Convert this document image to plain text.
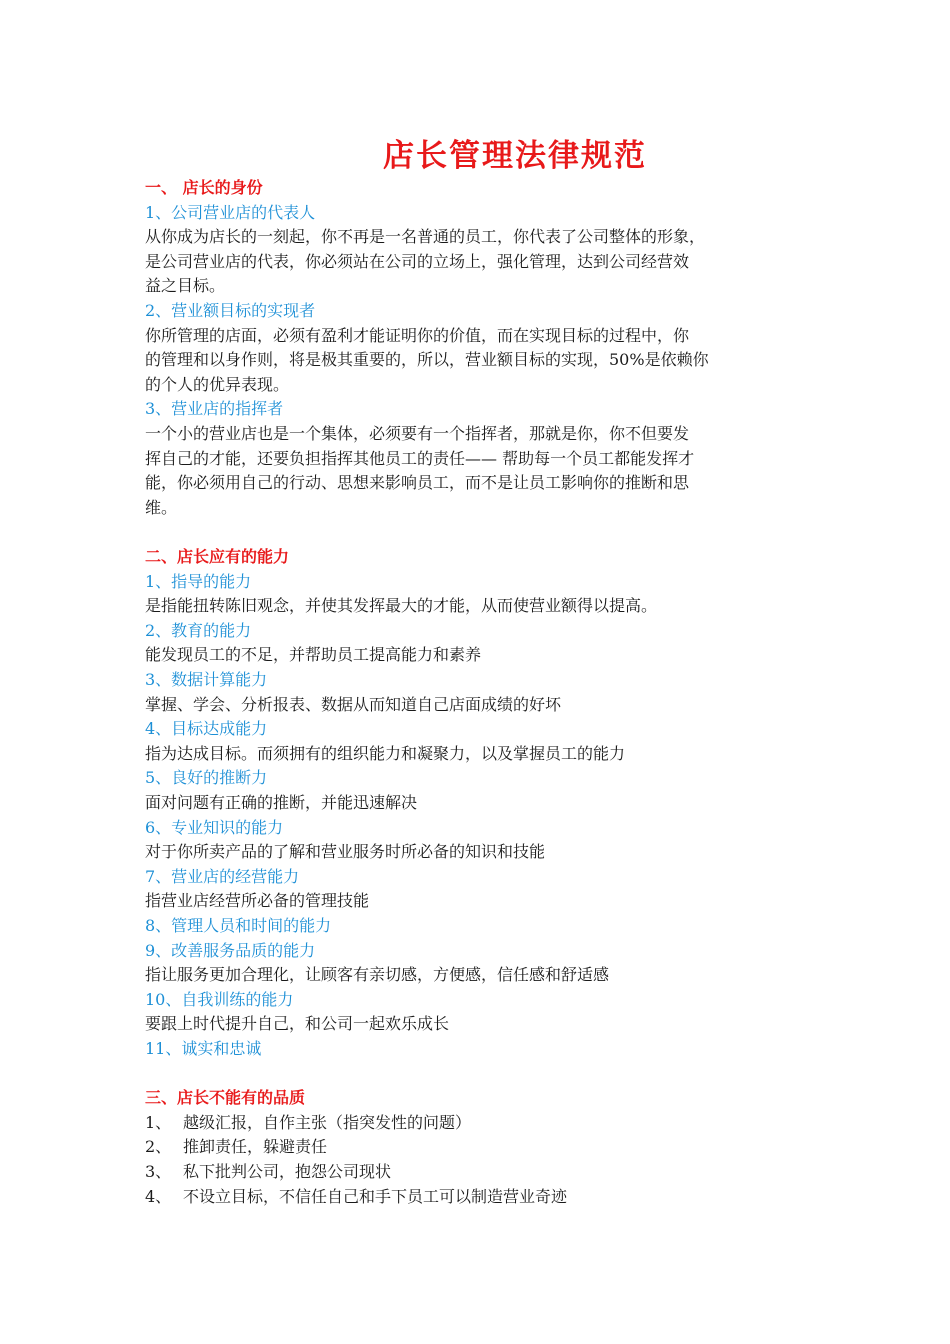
店长管理法律规范
一、 店长的身份
1、公司营业店的代表人
从你成为店长的一刻起，你不再是一名普通的员工，你代表了公司整体的形象，
是公司营业店的代表，你必须站在公司的立场上，强化管理，达到公司经营效
益之目标。
2、营业额目标的实现者
你所管理的店面，必须有盈利才能证明你的价值，而在实现目标的过程中，你
的管理和以身作则，将是极其重要的，所以，营业额目标的实现，50%是依赖你
的个人的优异表现。
3、营业店的指挥者
一个小的营业店也是一个集体，必须要有一个指挥者，那就是你，你不但要发
挥自己的才能，还要负担指挥其他员工的责任—— 帮助每一个员工都能发挥才
能，你必须用自己的行动、思想来影响员工，而不是让员工影响你的推断和思
维。
二、店长应有的能力
1、指导的能力
是指能扭转陈旧观念，并使其发挥最大的才能，从而使营业额得以提高。
2、教育的能力
能发现员工的不足，并帮助员工提高能力和素养
3、数据计算能力
掌握、学会、分析报表、数据从而知道自己店面成绩的好坏
4、目标达成能力
指为达成目标。而须拥有的组织能力和凝聚力，以及掌握员工的能力
5、良好的推断力
面对问题有正确的推断，并能迅速解决
6、专业知识的能力
对于你所卖产品的了解和营业服务时所必备的知识和技能
7、营业店的经营能力
指营业店经营所必备的管理技能
8、管理人员和时间的能力
9、改善服务品质的能力
指让服务更加合理化，让顾客有亲切感，方便感，信任感和舒适感
10、自我训练的能力
要跟上时代提升自己，和公司一起欢乐成长
11、诚实和忠诚
三、店长不能有的品质
1、 越级汇报，自作主张（指突发性的问题）
2、 推卸责任，躲避责任
3、 私下批判公司，抱怨公司现状
4、 不设立目标，不信任自己和手下员工可以制造营业奇迹
